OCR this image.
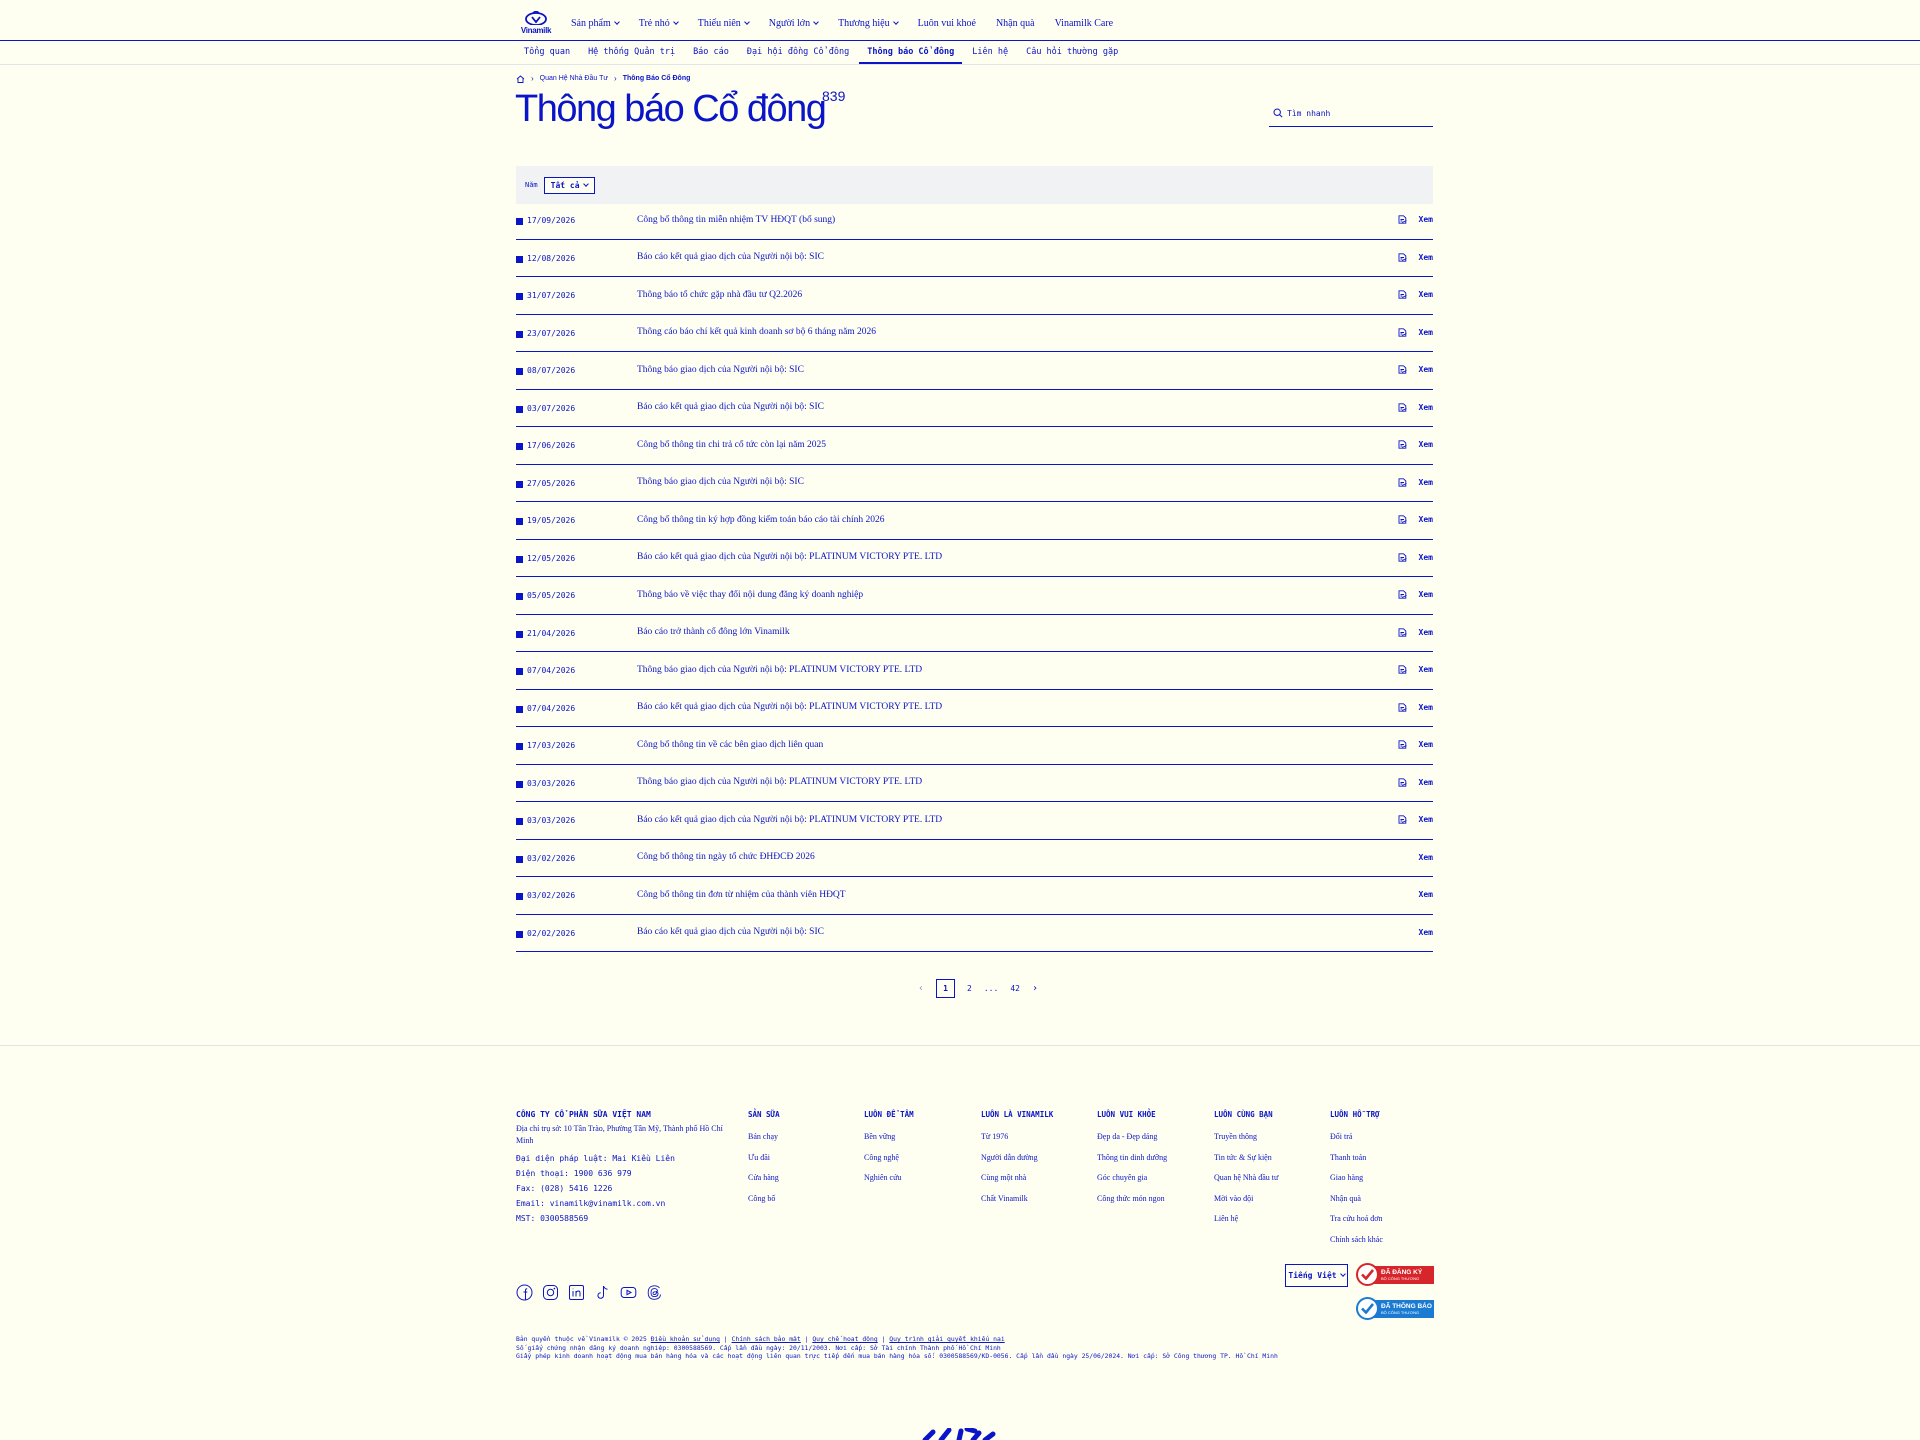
Vinamilk
Sản phẩm	Trẻ nhỏ	Thiếu niên	Người lớn	Thương hiệu	Luôn vui khoẻ Nhận quà Vinamilk Care
Tổng quan	Hệ thống Quản trị	Báo cáo	Đại hội đồng Cổ đông	Thông báo Cổ đông	Liên hệ	Câu hỏi thường gặp
› Quan Hệ Nhà Đầu Tư › Thông Báo Cổ Đông
Thông báo Cổ đông
839
Tìm nhanh
Năm Tất cả
17/09/2026	Công bố thông tin miễn nhiệm TV HĐQT (bổ sung)	Xem
12/08/2026	Báo cáo kết quả giao dịch của Người nội bộ: SIC	Xem
31/07/2026	Thông báo tổ chức gặp nhà đầu tư Q2.2026	Xem
23/07/2026	Thông cáo báo chí kết quả kinh doanh sơ bộ 6 tháng năm 2026	Xem
08/07/2026	Thông báo giao dịch của Người nội bộ: SIC	Xem
03/07/2026	Báo cáo kết quả giao dịch của Người nội bộ: SIC	Xem
17/06/2026	Công bố thông tin chi trả cổ tức còn lại năm 2025	Xem
27/05/2026	Thông báo giao dịch của Người nội bộ: SIC	Xem
19/05/2026	Công bố thông tin ký hợp đồng kiểm toán báo cáo tài chính 2026	Xem
12/05/2026	Báo cáo kết quả giao dịch của Người nội bộ: PLATINUM VICTORY PTE. LTD	Xem
05/05/2026	Thông báo về việc thay đổi nội dung đăng ký doanh nghiệp	Xem
21/04/2026	Báo cáo trở thành cổ đông lớn Vinamilk	Xem
07/04/2026	Thông báo giao dịch của Người nội bộ: PLATINUM VICTORY PTE. LTD	Xem
07/04/2026	Báo cáo kết quả giao dịch của Người nội bộ: PLATINUM VICTORY PTE. LTD	Xem
17/03/2026	Công bố thông tin về các bên giao dịch liên quan	Xem
03/03/2026	Thông báo giao dịch của Người nội bộ: PLATINUM VICTORY PTE. LTD	Xem
03/03/2026	Báo cáo kết quả giao dịch của Người nội bộ: PLATINUM VICTORY PTE. LTD	Xem
03/02/2026	Công bố thông tin ngày tổ chức ĐHĐCĐ 2026	Xem
03/02/2026	Công bố thông tin đơn từ nhiệm của thành viên HĐQT	Xem
02/02/2026	Báo cáo kết quả giao dịch của Người nội bộ: SIC	Xem
‹	1	2 ... 42 ›
CÔNG TY CỔ PHẦN SỮA VIỆT NAM
Địa chỉ trụ sở: 10 Tân Trào, Phường Tân Mỹ, Thành phố Hồ Chí Minh
Đại diện pháp luật: Mai Kiều Liên
Điện thoại: 1900 636 979
Fax: (028) 5416 1226
Email: vinamilk@vinamilk.com.vn
MST: 0300588569
SẢN SỮA
Bán chạy
Ưu đãi
Cửa hàng
Công bố
LUÔN ĐỂ TÂM
Bền vững
Công nghệ
Nghiên cứu
LUÔN LÀ VINAMILK
Từ 1976
Người dẫn đường
Cùng một nhà
Chất Vinamilk
LUÔN VUI KHỎE
Đẹp da - Đẹp dáng
Thông tin dinh dưỡng
Góc chuyên gia
Công thức món ngon
LUÔN CÙNG BẠN
Truyền thông
Tin tức & Sự kiện
Quan hệ Nhà đầu tư
Mời vào đội
Liên hệ
LUÔN HỖ TRỢ
Đổi trả
Thanh toán
Giao hàng
Nhận quà
Tra cứu hoá đơn
Chính sách khác
Tiếng Việt	ĐÃ ĐĂNG KÝ
BỘ CÔNG THƯƠNG
ĐÃ THÔNG BÁO
BỘ CÔNG THƯƠNG
Bản quyền thuộc về Vinamilk © 2025 Điều khoản sử dụng | Chính sách bảo mật | Quy chế hoạt động | Quy trình giải quyết khiếu nại
Số giấy chứng nhận đăng ký doanh nghiệp: 0300588569. Cấp lần đầu ngày: 20/11/2003. Nơi cấp: Sở Tài chính Thành phố Hồ Chí Minh
Giấy phép kinh doanh hoạt động mua bán hàng hóa và các hoạt động liên quan trực tiếp đến mua bán hàng hóa số: 0300588569/KD-0056. Cấp lần đầu ngày 25/06/2024. Nơi cấp: Sở Công thương TP. Hồ Chí Minh
